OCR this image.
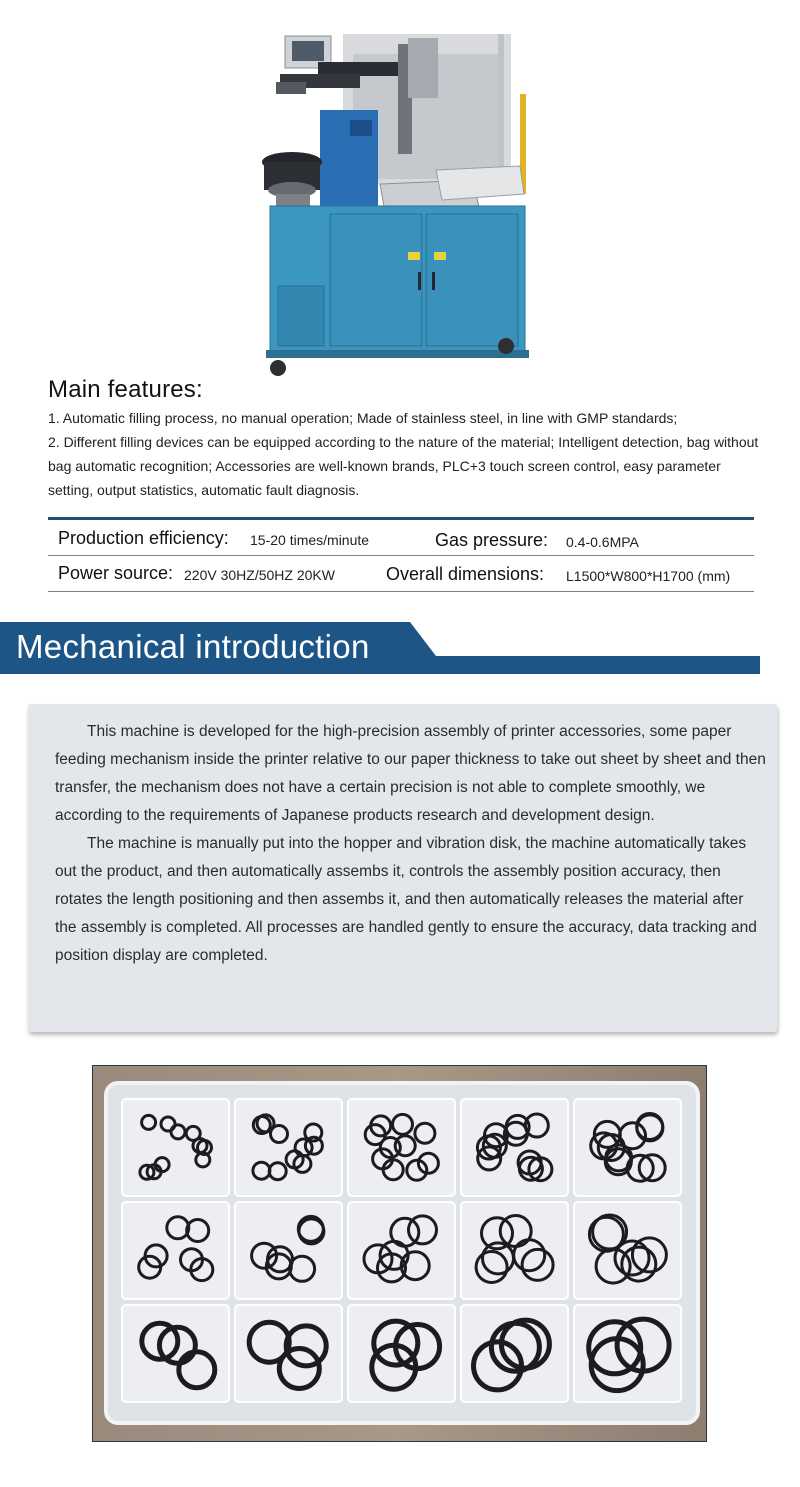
Main features:

1. Automatic filling process, no manual operation; Made of stainless steel, in line with GMP standards;

2. Different filling devices can be equipped according to the nature of the material; Intelligent detection, bag without bag automatic recognition; Accessories are well-known brands, PLC+3 touch screen control, easy parameter setting, output statistics, automatic fault diagnosis.

Production efficiency: 15-20 times/minute	Gas pressure: 0.4-0.6MPA
Power source: 220V 30HZ/50HZ 20KW	Overall dimensions: L1500*W800*H1700 (mm)
Mechanical introduction

This machine is developed for the high-precision assembly of printer accessories, some paper feeding mechanism inside the printer relative to our paper thickness to take out sheet by sheet and then transfer, the mechanism does not have a certain precision is not able to complete smoothly, we according to the requirements of Japanese products research and development design.

The machine is manually put into the hopper and vibration disk, the machine automatically takes out the product, and then automatically assembs it, controls the assembly position accuracy, then rotates the length positioning and then assembs it, and then automatically releases the material after the assembly is completed. All processes are handled gently to ensure the accuracy, data tracking and position display are completed.
